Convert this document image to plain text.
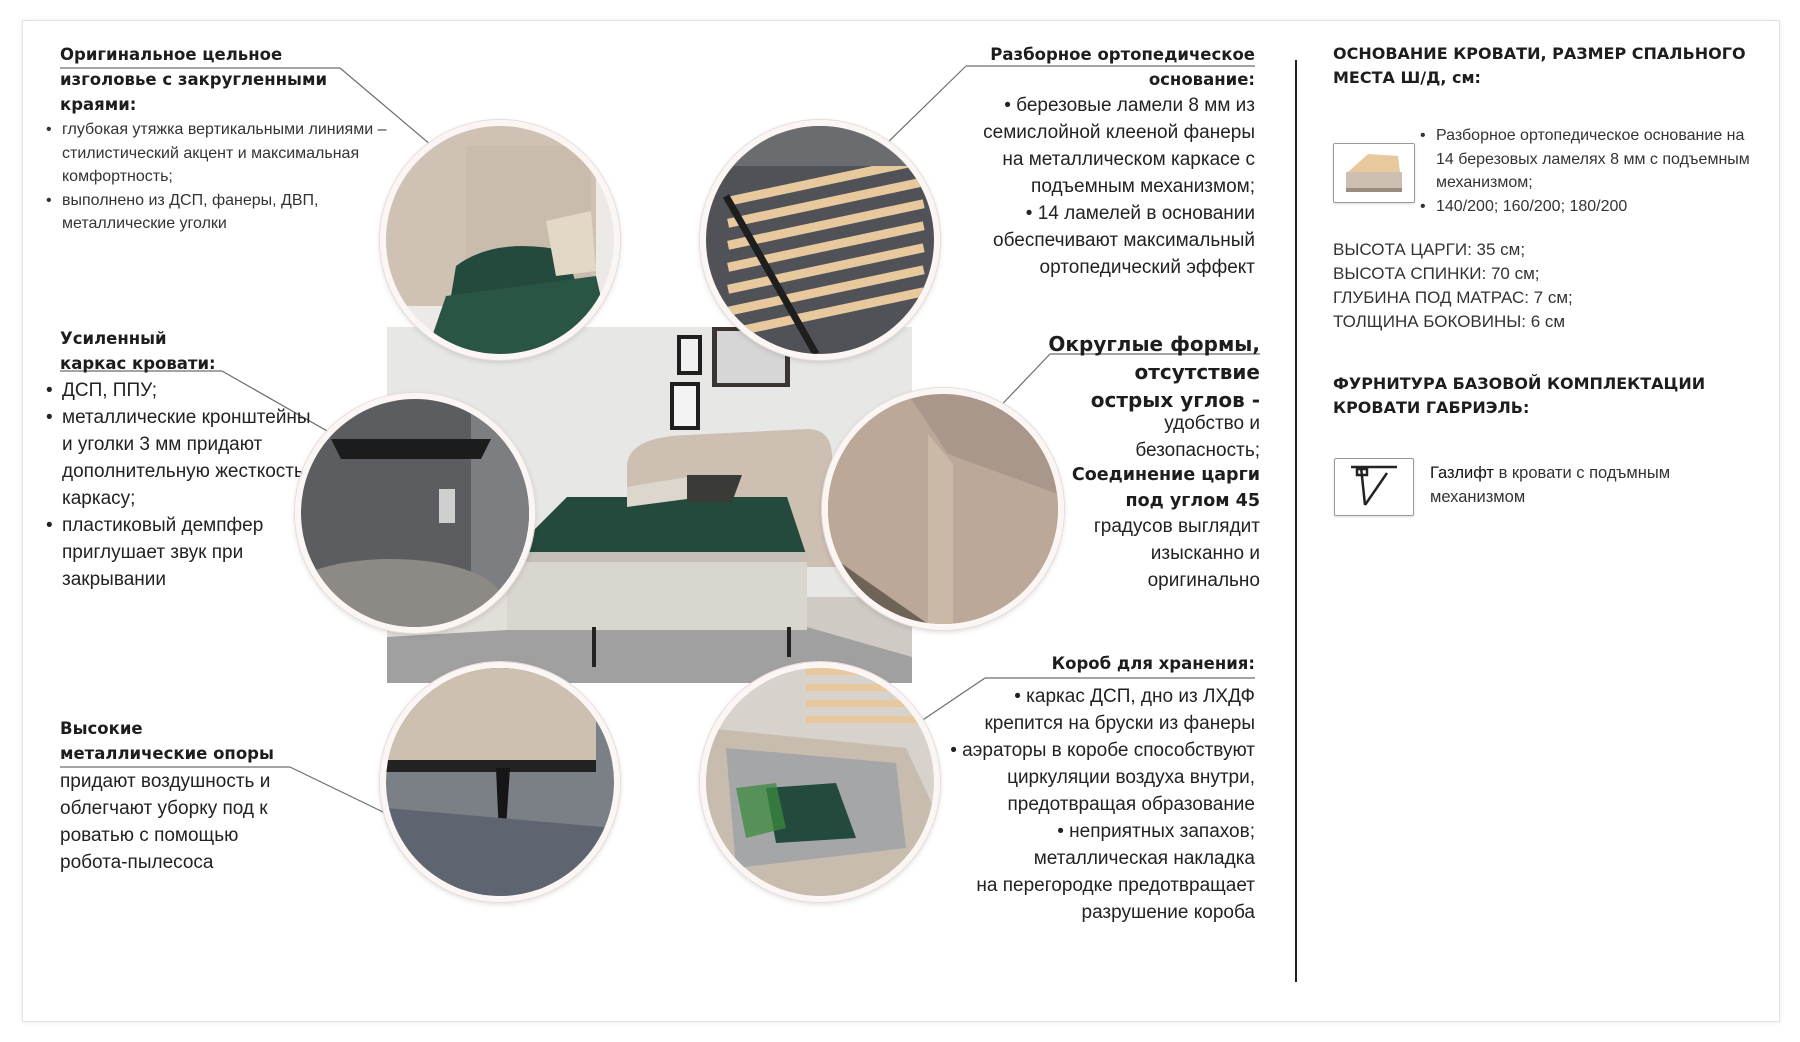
Оригинальное цельное
изголовье с закругленными
краями:
• глубокая утяжка вертикальными линиями – стилистический акцент и максимальная комфортность;
• выполнено из ДСП, фанеры, ДВП, металлические уголки
Усиленный
каркас кровати:
• ДСП, ППУ;
• металлические кронштейны и уголки 3 мм придают дополнительную жесткость каркасу;
• пластиковый демпфер приглушает звук при закрывании
Высокие
металлические опоры
придают воздушность и облегчают уборку под к роватью с помощью робота-пылесоса
Разборное ортопедическое
основание:
• березовые ламели 8 мм из семислойной клееной фанеры на металлическом каркасе с подъемным механизмом;
• 14 ламелей в основании обеспечивают максимальный ортопедический эффект
Округлые формы,
отсутствие
острых углов -
удобство и
безопасность;
Соединение царги
под углом 45
градусов выглядит
изысканно и
оригинально
Короб для хранения:
• каркас ДСП, дно из ЛХДФ
крепится на бруски из фанеры
• аэраторы в коробе способствуют
циркуляции воздуха внутри,
предотвращая образование
• неприятных запахов;
металлическая накладка
на перегородке предотвращает
разрушение короба
ОСНОВАНИЕ КРОВАТИ, РАЗМЕР СПАЛЬНОГО
МЕСТА Ш/Д, см:
• Разборное ортопедическое основание на 14 березовых ламелях 8 мм с подъемным механизмом;
• 140/200; 160/200; 180/200
ВЫСОТА ЦАРГИ: 35 см;
ВЫСОТА СПИНКИ: 70 см;
ГЛУБИНА ПОД МАТРАС: 7 см;
ТОЛЩИНА БОКОВИНЫ: 6 см
ФУРНИТУРА БАЗОВОЙ КОМПЛЕКТАЦИИ
КРОВАТИ ГАБРИЭЛЬ:
Газлифт в кровати с подъмным механизмом
